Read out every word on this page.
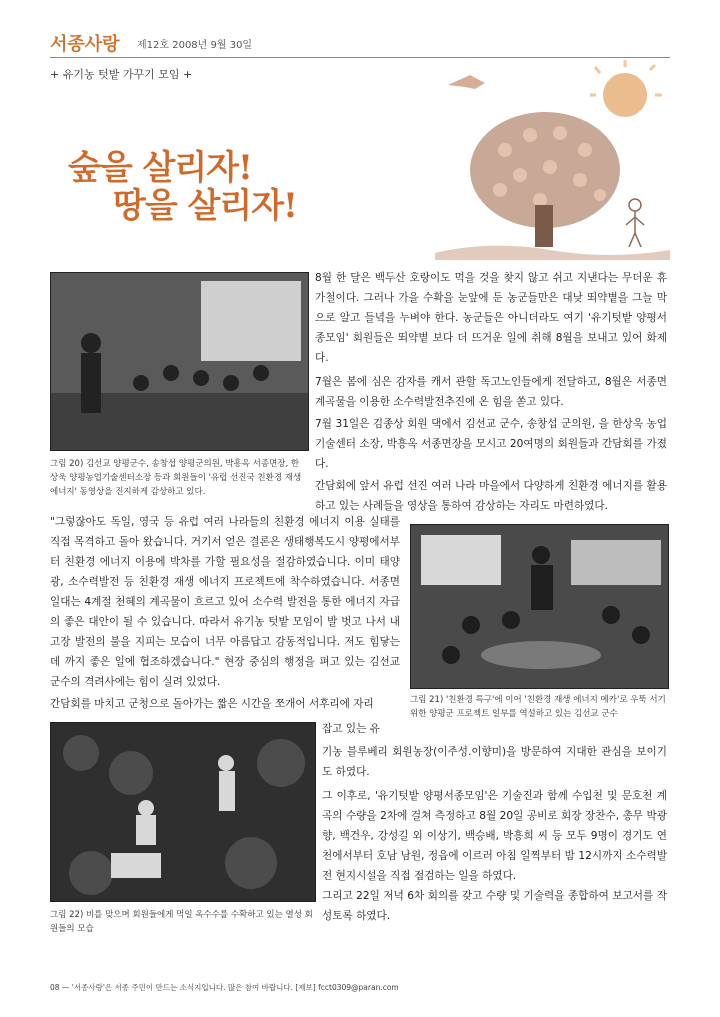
서종사랑 제12호 2008년 9월 30일
+ 유기농 텃밭 가꾸기 모임 +
숲을 살리자!
땅을 살리자!
그림 20) 김선교 양평군수, 송창섭 양평군의원, 박흥옥 서종면장, 한상욱 양평농업기술센터소장 등과 회원들이 '유럽 선진국 친환경 재생 에너지' 동영상을 진지하게 감상하고 있다.
8월 한 달은 백두산 호랑이도 먹을 것을 찾지 않고 쉬고 지낸다는 무더운 휴가철이다. 그러나 가을 수확을 눈앞에 둔 농군들만은 대낮 뙤약볕을 그늘 막으로 알고 들녘을 누벼야 한다. 농군들은 아니더라도 여기 '유기텃밭 양평서종모임' 회원들은 뙤약볕 보다 더 뜨거운 일에 취해 8월을 보내고 있어 화제다.
7월은 봄에 심은 감자를 캐서 관할 독고노인들에게 전달하고, 8월은 서종면 계곡물을 이용한 소수력발전추진에 온 힘을 쏟고 있다.
7월 31일은 김종상 회원 댁에서 김선교 군수, 송창섭 군의원, 을 한상욱 농업기술센터 소장, 박흥옥 서종면장을 모시고 20여명의 회원들과 간담회를 가졌다.
간담회에 앞서 유럽 선진 여러 나라 마을에서 다양하게 친환경 에너지를 활용하고 있는 사례들을 영상을 통하여 감상하는 자리도 마련하였다.
"그렇잖아도 독일, 영국 등 유럽 여러 나라들의 친환경 에너지 이용 실태를 직접 목격하고 돌아 왔습니다. 거기서 얻은 결론은 생태행복도시 양평에서부터 친환경 에너지 이용에 박차를 가할 필요성을 절감하였습니다. 이미 태양광, 소수력발전 등 친환경 재생 에너지 프로젝트에 착수하였습니다. 서종면 일대는 4계절 천혜의 계곡물이 흐르고 있어 소수력 발전을 통한 에너지 자급의 좋은 대안이 될 수 있습니다. 따라서 유기농 텃밭 모임이 발 벗고 나서 내 고장 발전의 불을 지피는 모습이 너무 아름답고 감동적입니다. 저도 힘닿는데 까지 좋은 일에 협조하겠습니다." 현장 중심의 행정을 펴고 있는 김선교 군수의 격려사에는 힘이 실려 있었다.
그림 21) '친환경 특구'에 이어 '친환경 재생 에너지 메카'로 우뚝 서기 위한 양평군 프로젝트 일부를 역설하고 있는 김선교 군수
간담회를 마치고 군청으로 돌아가는 짧은 시간을 쪼개어 서후리에 자리
잡고 있는 유
그림 22) 비를 맞으며 회원들에게 먹일 옥수수를 수확하고 있는 열성 회원들의 모습
기농 블루베리 회원농장(이주성.이향미)을 방문하여 지대한 관심을 보이기도 하였다.
그 이후로, '유기텃밭 양평서종모임'은 기술진과 함께 수입천 및 문호천 계곡의 수량을 2차에 걸쳐 측정하고 8월 20일 공비로 회장 장찬수, 총무 박광향, 백건우, 강성길 외 이상기, 백승배, 박흥희 씨 등 모두 9명이 경기도 연천에서부터 호남 남원, 정읍에 이르러 아침 일찍부터 밤 12시까지 소수력발전 현지시설을 직접 점검하는 일을 하였다.
그리고 22일 저녁 6차 회의를 갖고 수량 및 기술력을 종합하여 보고서를 작성토록 하였다.
08 — '서종사랑'은 서종 주민이 만드는 소식지입니다. 많은 참여 바랍니다. [제보] fcct0309@paran.com
